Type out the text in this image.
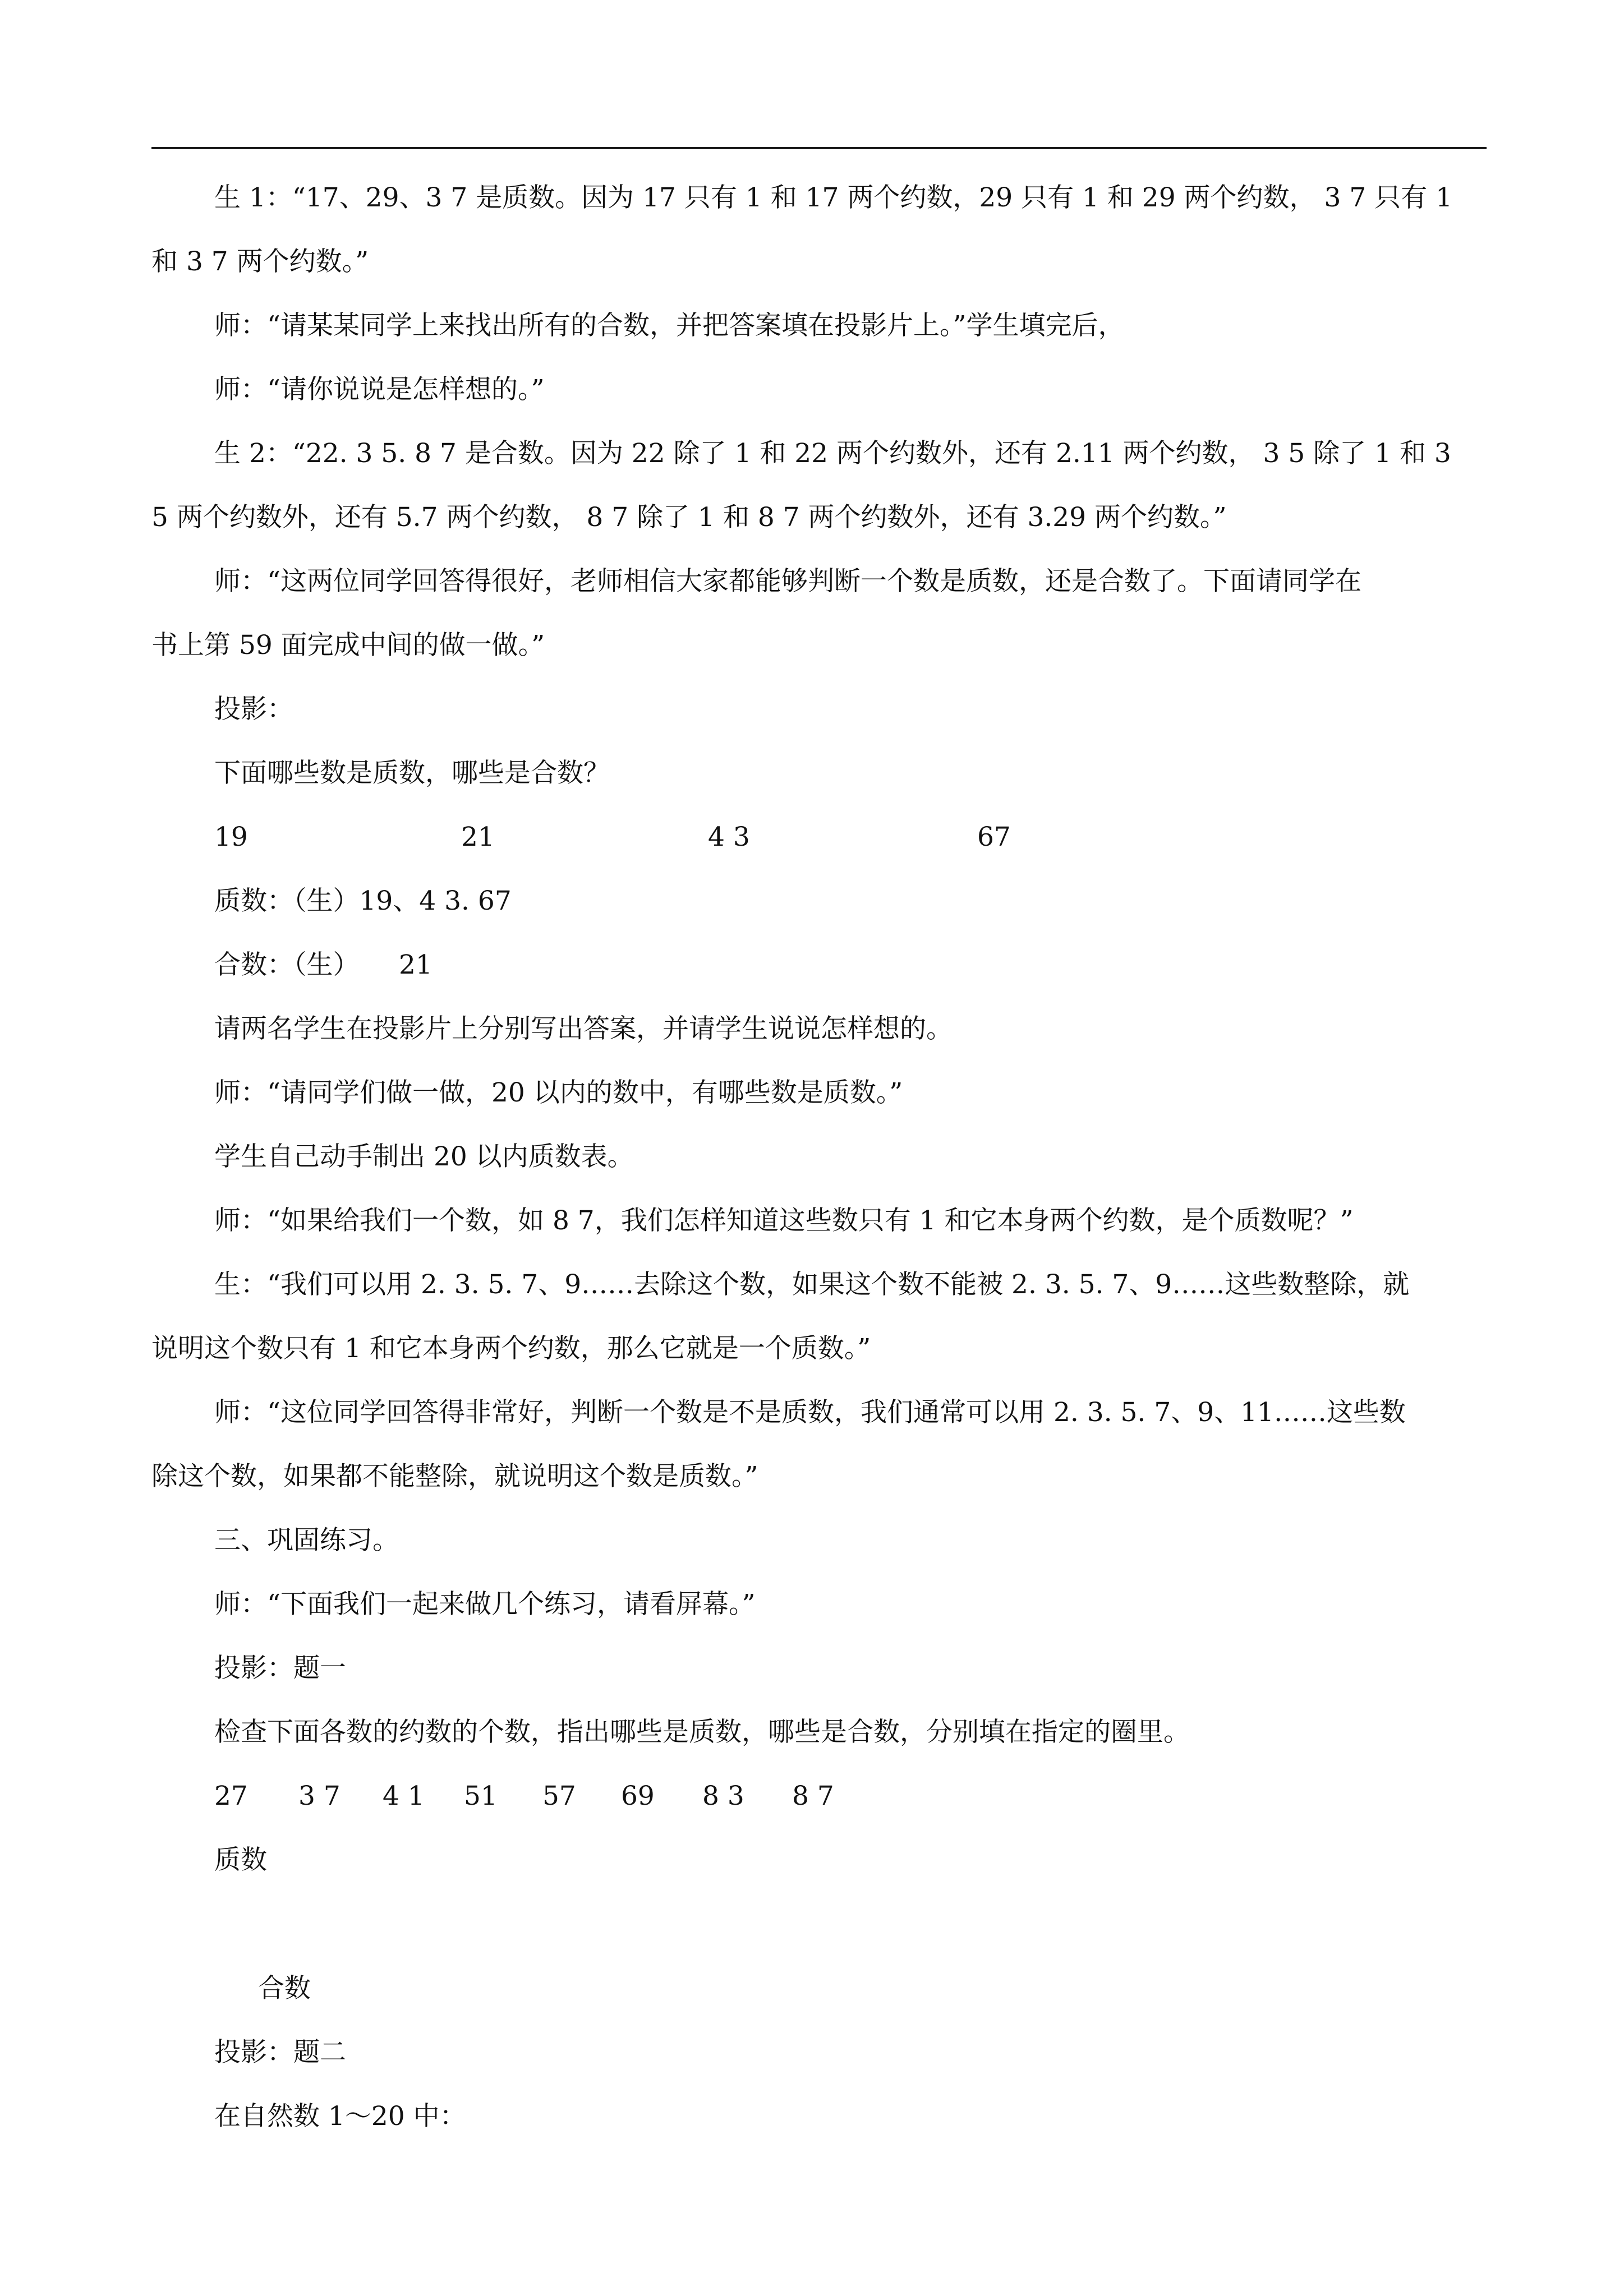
生 1：“17、29、3 7 是质数。因为 17 只有 1 和 17 两个约数，29 只有 1 和 29 两个约数， 3 7 只有 1

和 3 7 两个约数。”

师：“请某某同学上来找出所有的合数，并把答案填在投影片上。”学生填完后，

师：“请你说说是怎样想的。”

生 2：“22. 3 5. 8 7 是合数。因为 22 除了 1 和 22 两个约数外，还有 2.11 两个约数， 3 5 除了 1 和 3

5 两个约数外，还有 5.7 两个约数， 8 7 除了 1 和 8 7 两个约数外，还有 3.29 两个约数。”

师：“这两位同学回答得很好，老师相信大家都能够判断一个数是质数，还是合数了。下面请同学在

书上第 59 面完成中间的做一做。”

投影：

下面哪些数是质数，哪些是合数？

19	21	4 3	67

质数：（生）19、4 3. 67

合数：（生）　　21

请两名学生在投影片上分别写出答案，并请学生说说怎样想的。

师：“请同学们做一做，20 以内的数中，有哪些数是质数。”

学生自己动手制出 20 以内质数表。

师：“如果给我们一个数，如 8 7，我们怎样知道这些数只有 1 和它本身两个约数，是个质数呢？”

生：“我们可以用 2. 3. 5. 7、9……去除这个数，如果这个数不能被 2. 3. 5. 7、9……这些数整除，就

说明这个数只有 1 和它本身两个约数，那么它就是一个质数。”

师：“这位同学回答得非常好，判断一个数是不是质数，我们通常可以用 2. 3. 5. 7、9、11……这些数

除这个数，如果都不能整除，就说明这个数是质数。”

三、巩固练习。

师：“下面我们一起来做几个练习，请看屏幕。”

投影：题一

检查下面各数的约数的个数，指出哪些是质数，哪些是合数，分别填在指定的圈里。

27 3 7 4 1 51 57 69 8 3 8 7

质数

合数

投影：题二

在自然数 1～20 中：
